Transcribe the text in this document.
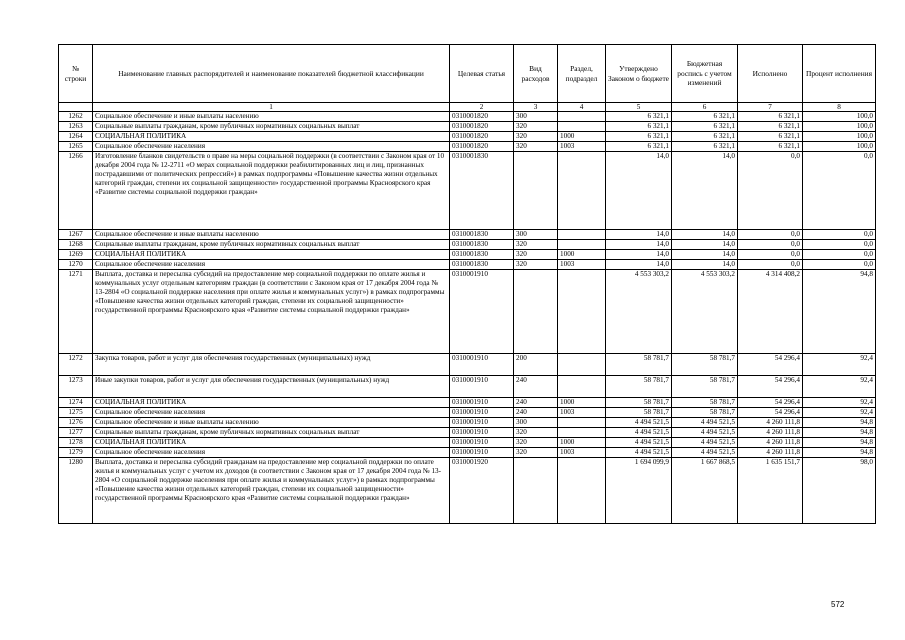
№ строки	Наименование главных распорядителей и наименование показателей бюджетной классификации	Целевая статья	Вид расходов	Раздел, подраздел	Утверждено Законом о бюджете	Бюджетная роспись с учетом изменений	Исполнено	Процент исполнения
	1	2	3	4	5	6	7	8
1262	Социальное обеспечение и иные выплаты населению	0310001820	300		6 321,1	6 321,1	6 321,1	100,0
1263	Социальные выплаты гражданам, кроме публичных нормативных социальных выплат	0310001820	320		6 321,1	6 321,1	6 321,1	100,0
1264	СОЦИАЛЬНАЯ ПОЛИТИКА	0310001820	320	1000	6 321,1	6 321,1	6 321,1	100,0
1265	Социальное обеспечение населения	0310001820	320	1003	6 321,1	6 321,1	6 321,1	100,0
1266	Изготовление бланков свидетельств о праве на меры социальной поддержки (в соответствии с Законом края от 10 декабря 2004 года № 12-2711 «О мерах социальной поддержки реабилитированных лиц и лиц, признанных пострадавшими от политических репрессий») в рамках подпрограммы «Повышение качества жизни отдельных категорий граждан, степени их социальной защищенности» государственной программы Красноярского края «Развитие системы социальной поддержки граждан»	0310001830			14,0	14,0	0,0	0,0
1267	Социальное обеспечение и иные выплаты населению	0310001830	300		14,0	14,0	0,0	0,0
1268	Социальные выплаты гражданам, кроме публичных нормативных социальных выплат	0310001830	320		14,0	14,0	0,0	0,0
1269	СОЦИАЛЬНАЯ ПОЛИТИКА	0310001830	320	1000	14,0	14,0	0,0	0,0
1270	Социальное обеспечение населения	0310001830	320	1003	14,0	14,0	0,0	0,0
1271	Выплата, доставка и пересылка субсидий на предоставление мер социальной поддержки по оплате жилья и коммунальных услуг отдельным категориям граждан (в соответствии с Законом края от 17 декабря 2004 года № 13-2804 «О социальной поддержке населения при оплате жилья и коммунальных услуг») в рамках подпрограммы «Повышение качества жизни отдельных категорий граждан, степени их социальной защищенности» государственной программы Красноярского края «Развитие системы социальной поддержки граждан»	0310001910			4 553 303,2	4 553 303,2	4 314 408,2	94,8
1272	Закупка товаров, работ и услуг для обеспечения государственных (муниципальных) нужд	0310001910	200		58 781,7	58 781,7	54 296,4	92,4
1273	Иные закупки товаров, работ и услуг для обеспечения государственных (муниципальных) нужд	0310001910	240		58 781,7	58 781,7	54 296,4	92,4
1274	СОЦИАЛЬНАЯ ПОЛИТИКА	0310001910	240	1000	58 781,7	58 781,7	54 296,4	92,4
1275	Социальное обеспечение населения	0310001910	240	1003	58 781,7	58 781,7	54 296,4	92,4
1276	Социальное обеспечение и иные выплаты населению	0310001910	300		4 494 521,5	4 494 521,5	4 260 111,8	94,8
1277	Социальные выплаты гражданам, кроме публичных нормативных социальных выплат	0310001910	320		4 494 521,5	4 494 521,5	4 260 111,8	94,8
1278	СОЦИАЛЬНАЯ ПОЛИТИКА	0310001910	320	1000	4 494 521,5	4 494 521,5	4 260 111,8	94,8
1279	Социальное обеспечение населения	0310001910	320	1003	4 494 521,5	4 494 521,5	4 260 111,8	94,8
1280	Выплата, доставка и пересылка субсидий гражданам на предоставление мер социальной поддержки по оплате жилья и коммунальных услуг с учетом их доходов (в соответствии с Законом края от 17 декабря 2004 года № 13-2804 «О социальной поддержке населения при оплате жилья и коммунальных услуг») в рамках подпрограммы «Повышение качества жизни отдельных категорий граждан, степени их социальной защищенности» государственной программы Красноярского края «Развитие системы социальной поддержки граждан»	0310001920			1 694 099,9	1 667 868,5	1 635 151,7	98,0
572
